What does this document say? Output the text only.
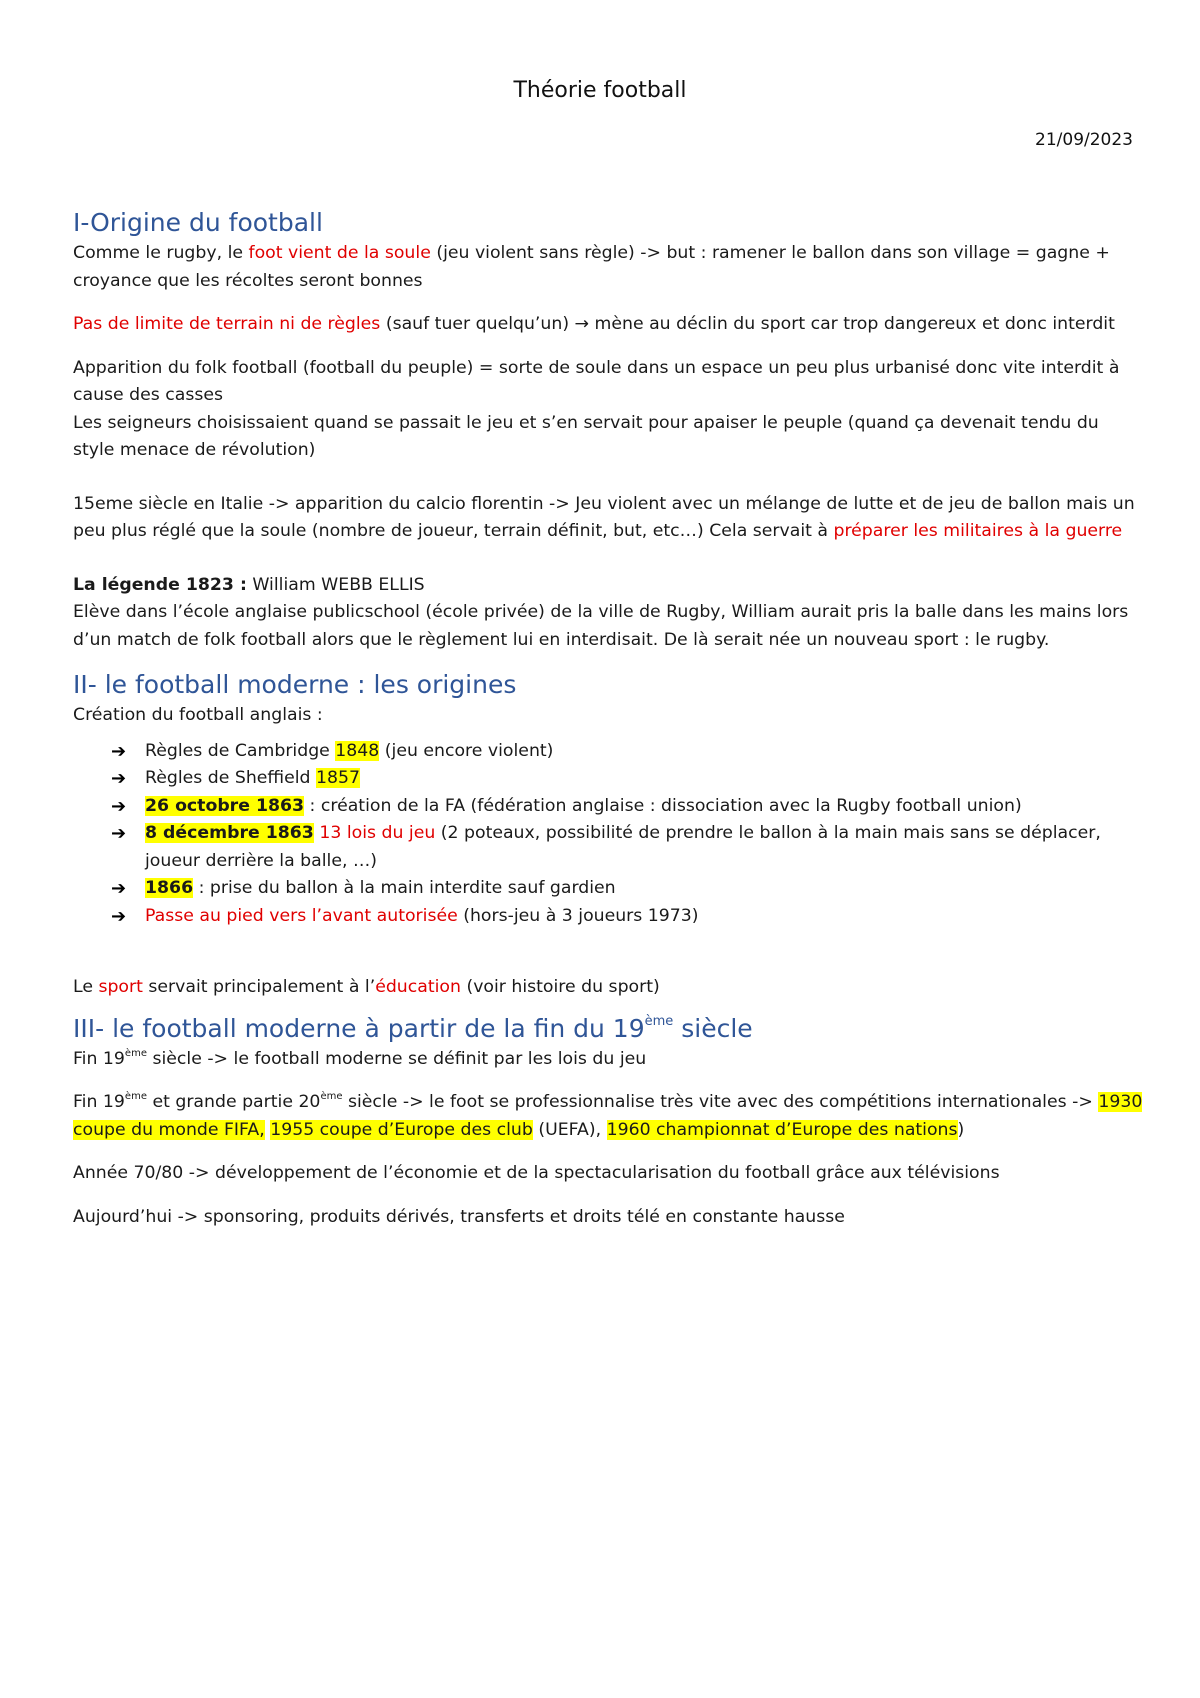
Théorie football
21/09/2023
I-Origine du football

Comme le rugby, le foot vient de la soule (jeu violent sans règle) -> but : ramener le ballon dans son village = gagne + croyance que les récoltes seront bonnes

Pas de limite de terrain ni de règles (sauf tuer quelqu’un) → mène au déclin du sport car trop dangereux et donc interdit

Apparition du folk football (football du peuple) = sorte de soule dans un espace un peu plus urbanisé donc vite interdit à cause des casses

Les seigneurs choisissaient quand se passait le jeu et s’en servait pour apaiser le peuple (quand ça devenait tendu du style menace de révolution)

15eme siècle en Italie -> apparition du calcio florentin -> Jeu violent avec un mélange de lutte et de jeu de ballon mais un peu plus réglé que la soule (nombre de joueur, terrain définit, but, etc…) Cela servait à préparer les militaires à la guerre

La légende 1823 : William WEBB ELLIS

Elève dans l’école anglaise publicschool (école privée) de la ville de Rugby, William aurait pris la balle dans les mains lors d’un match de folk football alors que le règlement lui en interdisait. De là serait née un nouveau sport : le rugby.

II- le football moderne : les origines

Création du football anglais :

➔ Règles de Cambridge 1848 (jeu encore violent)
➔ Règles de Sheffield 1857
➔ 26 octobre 1863 : création de la FA (fédération anglaise : dissociation avec la Rugby football union)
➔ 8 décembre 1863 13 lois du jeu (2 poteaux, possibilité de prendre le ballon à la main mais sans se déplacer, joueur derrière la balle, …)
➔ 1866 : prise du ballon à la main interdite sauf gardien
➔ Passe au pied vers l’avant autorisée (hors-jeu à 3 joueurs 1973)

Le sport servait principalement à l’éducation (voir histoire du sport)

III- le football moderne à partir de la fin du 19ème siècle

Fin 19ème siècle -> le football moderne se définit par les lois du jeu

Fin 19ème et grande partie 20ème siècle -> le foot se professionnalise très vite avec des compétitions internationales -> 1930 coupe du monde FIFA, 1955 coupe d’Europe des club (UEFA), 1960 championnat d’Europe des nations)

Année 70/80 -> développement de l’économie et de la spectacularisation du football grâce aux télévisions

Aujourd’hui -> sponsoring, produits dérivés, transferts et droits télé en constante hausse
